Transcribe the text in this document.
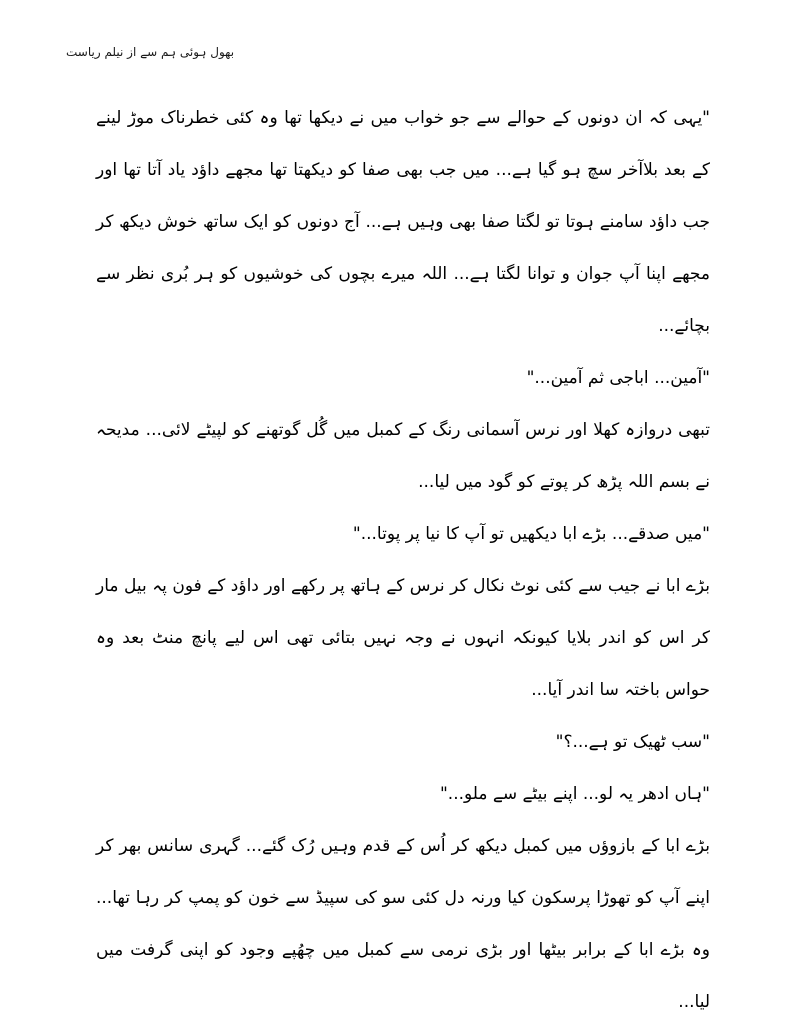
بھول ہوئی ہم سے از نیلم ریاست

"یہی کہ ان دونوں کے حوالے سے جو خواب میں نے دیکھا تھا وہ کئی خطرناک موڑ لینے کے بعد بلاآخر سچ ہو گیا ہے... میں جب بھی صفا کو دیکھتا تھا مجھے داؤد یاد آتا تھا اور جب داؤد سامنے ہوتا تو لگتا صفا بھی وہیں ہے... آج دونوں کو ایک ساتھ خوش دیکھ کر مجھے اپنا آپ جوان و توانا لگتا ہے... اللہ میرے بچوں کی خوشیوں کو ہر بُری نظر سے بچائے...

"آمین... اباجی ثم آمین..."

تبھی دروازہ کھلا اور نرس آسمانی رنگ کے کمبل میں گُل گوتھنے کو لپیٹے لائی... مدیحہ نے بسم اللہ پڑھ کر پوتے کو گود میں لیا...

"میں صدقے... بڑے ابا دیکھیں تو آپ کا نیا پر پوتا..."

بڑے ابا نے جیب سے کئی نوٹ نکال کر نرس کے ہاتھ پر رکھے اور داؤد کے فون پہ بیل مار کر اس کو اندر بلایا کیونکہ انہوں نے وجہ نہیں بتائی تھی اس لیے پانچ منٹ بعد وہ حواس باختہ سا اندر آیا...

"سب ٹھیک تو ہے...؟"

"ہاں ادھر یہ لو... اپنے بیٹے سے ملو..."

بڑے ابا کے بازوؤں میں کمبل دیکھ کر اُس کے قدم وہیں رُک گئے... گہری سانس بھر کر اپنے آپ کو تھوڑا پرسکون کیا ورنہ دل کئی سو کی سپیڈ سے خون کو پمپ کر رہا تھا... وہ بڑے ابا کے برابر بیٹھا اور بڑی نرمی سے کمبل میں چھُپے وجود کو اپنی گرفت میں لیا...
